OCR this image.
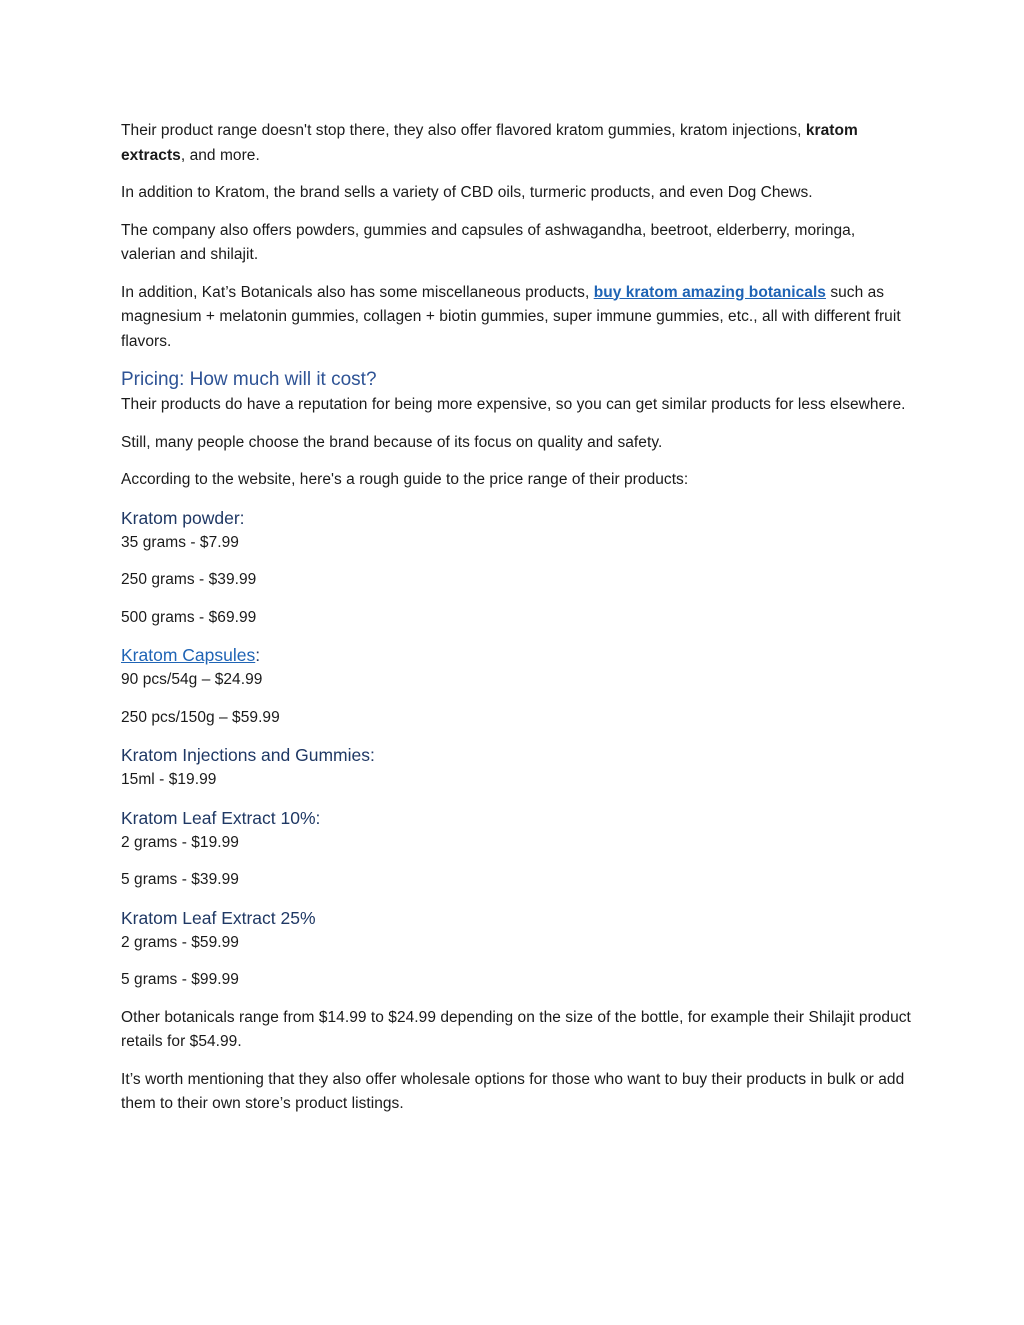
Their product range doesn't stop there, they also offer flavored kratom gummies, kratom injections, kratom extracts, and more.

In addition to Kratom, the brand sells a variety of CBD oils, turmeric products, and even Dog Chews.

The company also offers powders, gummies and capsules of ashwagandha, beetroot, elderberry, moringa, valerian and shilajit.

In addition, Kat’s Botanicals also has some miscellaneous products, buy kratom amazing botanicals such as magnesium + melatonin gummies, collagen + biotin gummies, super immune gummies, etc., all with different fruit flavors.

Pricing: How much will it cost?

Their products do have a reputation for being more expensive, so you can get similar products for less elsewhere.

Still, many people choose the brand because of its focus on quality and safety.

According to the website, here's a rough guide to the price range of their products:

Kratom powder:

35 grams - $7.99

250 grams - $39.99

500 grams - $69.99

Kratom Capsules:

90 pcs/54g – $24.99

250 pcs/150g – $59.99

Kratom Injections and Gummies:

15ml - $19.99

Kratom Leaf Extract 10%:

2 grams - $19.99

5 grams - $39.99

Kratom Leaf Extract 25%

2 grams - $59.99

5 grams - $99.99

Other botanicals range from $14.99 to $24.99 depending on the size of the bottle, for example their Shilajit product retails for $54.99.

It’s worth mentioning that they also offer wholesale options for those who want to buy their products in bulk or add them to their own store’s product listings.
